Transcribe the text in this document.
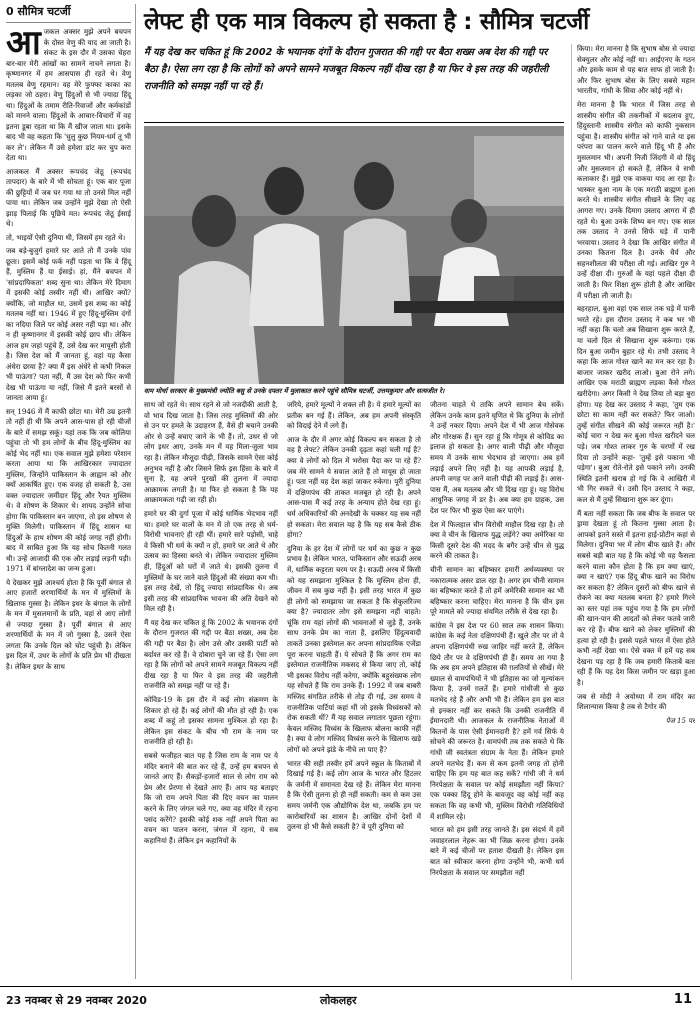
0 सौमित्र चटर्जी
आ जकल अक्सर मुझे अपने बचपन के दोस्त वेणु की याद आ जाती है। संकट के इस दौर में उसका चेहरा बार-बार मेरी आंखों का सामने नाचने लगता है। कृष्णानगर में हम आसपास ही रहते थे। वेणु मतलब वेणु रहमान। वह मेरे फुफ्फा काका का लड़का जो ठहरा। वेणु हिंदुओं से भी ज्यादा हिंदू था। हिंदुओं के तमाम रीति-रिवाजों और कर्मकांडों को मानने वाला। हिंदुओं के आचार-विचारों में वह इतना डूबा रहता था कि मैं खीज जाता था। इसके बाद भी वह कहता कि 'धुलु कुछ नियम-धर्म तू भी कर ले'। लेकिन मैं उसे हमेशा डांट कर चुप करा देता था।

आजकल मैं अक्सर रूपचंद जेठू (रूपचंद तापदार) के बारे में भी सोचता हूं। एक बार पूजा की छुट्टियों में जब घर गया था तो उनसे मिल नहीं पाया था। लेकिन जब उन्होंने मुझे देखा तो ऐसी झाड़ पिलाई कि पूछिये मत। रूपचंद जेठू ईसाई थे।

तो, भाइयों ऐसी दुनिया थी, जिसमें हम रहते थे।

जब बड़े-बुजुर्ग हमारे घर आते तो मैं उनके पांव छूता। इसमें कोई फर्क नहीं पड़ता था कि वे हिंदू हैं, मुस्लिम हैं या ईसाई। हां, मैंने बचपन में 'सांप्रदायिकता' शब्द सुना था। लेकिन मेरे दिमाग में इसकी कोई तस्वीर नहीं थी। आखिर क्यों? क्योंकि, जो माहौल था, उसमें इस शब्द का कोई मतलब नहीं था। 1946 में हुए हिंदू-मुस्लिम दंगों का नदिया जिले पर कोई असर नहीं पड़ा था। और न ही कृष्णानगर में इसकी कोई छाप थी। लेकिन आज हम जहां पहुंचे हैं, उसे देख कर मायूसी होती है। जिस देश को मैं जानता हूं, वहां यह कैसा अंधेरा छाया है? क्या मैं इस अंधेरे से कभी निकल भी पाऊंगा? पता नहीं, मैं उस देश को फिर कभी देख भी पाऊंगा या नहीं, जिसे मैं इतने बरसों से जानता आया हूं।

सन् 1946 में मैं काफी छोटा था। मेरी उम्र इतनी तो नहीं ही थी कि अपने आस-पास हो रही चीजों के बारे में समझ सकूं। यहां तक कि जब कोलिया पहुंचा तो भी हम लोगों के बीच हिंदू-मुस्लिम का कोई भेद नहीं था। एक सवाल मुझे हमेशा परेशान करता आया था कि आखिरकार ज्यादातर मुस्लिम, जिन्होंने पाकिस्तान के आह्वान को और क्यों आकर्षित हुए। एक वजह हो सकती है, उस वक्त ज्यादातर जमींदार हिंदू और रैयत मुस्लिम थे। वे शोषण के शिकार थे। शायद उन्होंने सोचा होगा कि पाकिस्तान बन जाएगा, तो इस शोषण से मुक्ति मिलेगी। पाकिस्तान में हिंदू शासन था हिंदुओं के हाथ शोषण की कोई जगह नहीं होगी। बाद में साबित हुआ कि यह सोच कितनी गलत थी। उन्हें आजादी की एक और लड़ाई लड़नी पड़ी। 1971 में बांग्लादेश का जन्म हुआ।

ये देखकर मुझे आश्चर्य होता है कि पूर्वी बंगाल से आए हजारों शरणार्थियों के मन में मुस्लिमों के खिलाफ गुस्सा है। लेकिन इधर के बंगाल के लोगों के मन में मुसलमानों के प्रति, वहां से आए लोगों से ज्यादा गुस्सा है। पूर्वी बंगाल से आए शरणार्थियों के मन में जो गुस्सा है, उसने ऐसा लगता कि उनके दिल को चोट पहुंची है। लेकिन इस दिल में, उधर के लोगों के प्रति प्रेम भी दीखता है। लेकिन इधर के साथ

लेफ्ट ही एक मात्र विकल्प हो सकता है : सौमित्र चटर्जी
मैं यह देख कर चकित हूं कि 2002 के भयानक दंगों के दौरान गुजरात की गद्दी पर बैठा शख्स अब देश की गद्दी पर बैठा है। ऐसा लग रहा है कि लोगों को अपने सामने मजबूत विकल्प नहीं दीख रहा है या फिर वे इस तरह की जहरीली राजनीति को समझ नहीं पा रहे हैं।
वाम मोर्चा सरकार के मुख्यमंत्री ज्योति बसु से उनके दफ्तर में मुलाकात करने पहुंचे सौमित्र चटर्जी, उत्तमकुमार और सत्यजीत रे।

साथ जो रहते थे। साथ रहने से जो नजदीकी आती है, वो भाव दिख जाता है। जिस तरह मुस्लिमों की ओर से उन पर हमले के उदाहरण हैं, वैसे ही बचाने उनकी ओर से उन्हें बचाए जाने के भी हैं। तो, उधर से जो लोग इधर आए, उनके मन में यह मिला-जुला भाव रहा है। लेकिन मौजूदा पीढ़ी, जिसके सामने ऐसा कोई अनुभव नहीं है और जिसने सिर्फ इस हिंसा के बारे में सुना है, वह अपने पुरखों की तुलना में ज्यादा आक्रामक लगती है। या फिर हो सकता है कि यह आक्रामकता गढ़ी जा रही हो।

हमारे घर की दुर्गा पूजा में कोई धार्मिक भेदभाव नहीं था। हमारे घर वालों के मन में तो एक तरह से धर्म-विरोधी भावनाएं ही रही थीं। हमारे सारे पड़ोसी, चाहे वे किसी भी धर्म के क्यों न हों, हमारे घर आते थे और उत्सव का हिस्सा बनते थे। लेकिन ज्यादातर मुस्लिम ही, हिंदुओं को घरों में जाते थे। इसकी तुलना में मुस्लिमों के घर जाने वाले हिंदुओं की संख्या कम थी। इस तरह देखें, तो हिंदू ज्यादा सांप्रदायिक थे। अब इसी तरह की सांप्रदायिक भावना की अति देखने को मिल रही है।

मैं यह देख कर चकित हूं कि 2002 के भयानक दंगों के दौरान गुजरात की गद्दी पर बैठा शख्स, अब देश की गद्दी पर बैठा है। लोग उसे और उसकी पार्टी को बर्दाश्त कर रहे हैं। वे दोबारा चुने जा रहे हैं। ऐसा लग रहा है कि लोगों को अपने सामने मजबूत विकल्प नहीं दीख रहा है या फिर वे इस तरह की जहरीली राजनीति को समझ नहीं पा रहे हैं।

कोविड-19 के इस दौर में कई लोग संक्रमण के शिकार हो रहे हैं। कई लोगों की मौत हो रही है। एक शब्द में कहूं तो इसका सामना मुश्किल हो रहा है। लेकिन इस संकट के बीच भी राम के नाम पर राजनीति हो रही है।

सबसे फजीहत बात यह है जिस राम के नाम पर ये मंदिर बनाने की बात कर रहे हैं, उन्हें हम बचपन से जानते आए हैं। सैकड़ों-हजारों साल से लोग राम को प्रेम और प्रेरणा से देखते आए हैं। आप यह बताइए कि जो राम अपने पिता की दिए वचन का पालन करने के लिए जंगल चले गए, क्या वह मंदिर में रहना पसंद करेंगे? इसकी कोई शक नहीं अपने पिता का वचन का पालन करना, जंगल में रहना, ये सब कहानियां हैं। लेकिन इन कहानियों के

जरिये, हमारे मूल्यों ने शक्ल ली है। ये हमारे मूल्यों का प्रतीक बन गई हैं। लेकिन, अब हम अपनी संस्कृति को विदाई देने में लगे हैं।

आज के दौर में अगर कोई विकल्प बन सकता है तो वह है लेफ्ट? लेकिन उनकी दृढ़ता कहां चली गई है? क्या वे लोगों को दिल में भरोसा पैदा कर पा रहे हैं? जब मेरे सामने ये सवाल आते हैं तो मायूस हो जाता हूं। पता नहीं यह देश कहां जाकर रुकेगा। पूरी दुनिया में दक्षिणपंथ की ताकत मजबूत हो रही है। अपने आस-पास मैं कई तरह के अन्याय होते देख रहा हूं। धर्म अधिकारियों की अनदेखी के चक्कर यह सब नहीं हो सकता। मेरा सवाल यह है कि यह सब कैसे ठीक होगा?

दुनिया के हर देश में लोगों पर धर्म का कुछ न कुछ प्रभाव है। लेकिन भारत, पाकिस्तान और सऊदी अरब में, धार्मिक कट्टरता चरम पर है। सऊदी अरब में किसी को यह समझाना मुश्किल है कि मुस्लिम होना ही, जीवन में सब कुछ नहीं है। इसी तरह भारत में कुछ ही लोगों को समझाया जा सकता है कि सेकुलरिज्म क्या है? ज्यादातर लोग इसे समझना नहीं चाहते। चूंकि राम यहां लोगों की भावनाओं से जुड़े हैं, उनके साथ उनके प्रेम का नाता है, इसलिए हिंदुत्ववादी ताकतें उनका इस्तेमाल कर अपना सांप्रदायिक एजेंडा पूरा करना चाहती हैं। ये सोचते हैं कि अगर राम का इस्तेमाल राजनीतिक मकसद से किया जाए तो, कोई भी इसका विरोध नहीं करेगा, क्योंकि बहुसंख्यक लोग यह सोचते हैं कि राम उनके हैं। 1992 में जब बाबरी मस्जिद संगठित तरीके से तोड़ दी गई, उस समय वे राजनीतिक पार्टियां कहां थीं जो इसके विध्वंसकों को रोक सकती थीं? मैं यह सवाल लगातार पूछता रहूंगा। केवल मस्जिद विध्वंस के खिलाफ बोलना काफी नहीं है। क्या वे लोग मस्जिद विध्वंस करने के खिलाफ खड़े लोगों को अपने झंडे के नीचे ला पाए हैं?

भारत की सही तस्वीर हमें अपने स्कूल के किताबों में दिखाई गई है। कई लोग आज के भारत और हिटलर के जर्मनी में समानता देख रहे हैं। लेकिन मेरा मानना है कि ऐसी तुलना हो ही नहीं सकती। कम से कम उस समय जर्मनी एक औद्योगिक देश था, जबकि हम पर कारोबारियों का शासन है। आखिर दोनों देशों में तुलना हो भी कैसे सकती है? वे पूरी दुनिया को

जीतना चाहते थे ताकि अपने सामान बेच सकें। लेकिन उनके काम इतने घृणित थे कि दुनिया के लोगों ने उन्हें नकार दिया। अपने देश में भी आज गोसेवक और गोरक्षक हैं। सुन रहा हूं कि गोमूत्र से कोविड का इलाज हो सकता है। अगर वाली पीढ़ी और मौजूदा समय में उनके साथ भेदभाव हो जाएगा। अब हमें लड़ाई अपने लिए नहीं है। यह आपकी लड़ाई है, अपनी जगह पर आने वाली पीढ़ी की लड़ाई है। आस-पास मैं, अब मतलब और भी दिख रहा हूं। यह विरोध आधुनिक जगह में डर है। अब क्या हम ग्राहक, उस देश पर फिर भी कुछ ऐसा कर पाएंगे।

देश में फिलहाल चीन विरोधी माहौल दिख रहा है। तो क्या वे चीन के खिलाफ युद्ध लड़ेंगे? क्या अमेरिका या किसी दूसरे देश की मदद के बगैर उन्हें चीन से युद्ध करने की ताकत है।

चीनी सामान का बहिष्कार हमारी अर्थव्यवस्था पर नकारात्मक असर डाल रहा है। अगर हम चीनी सामान का बहिष्कार करते हैं तो हमें अमेरिकी सामान का भी बहिष्कार करना चाहिए। मेरा मानना है कि चीन इस पूरे मामले को ज्यादा संयमित तरीके से देख रहा है।

कांग्रेस ने इस देश पर 60 साल तक शासन किया। कांग्रेस के कई नेता दक्षिणपंथी हैं। खुले तौर पर तो वे अपना दक्षिणपंथी रुख जाहिर नहीं करते हैं, लेकिन छिपे तौर पर वे दक्षिणपंथी ही हैं। समय आ गया है कि अब हम अपने इतिहास की ग़लतियों से सीखें। मेरे ख्याल से वामपंथियों ने भी इतिहास का जो मूल्यांकन किया है, उनमें ग़लतें हैं। हमारे गांधीजी से कुछ मतभेद रहे हैं और अभी भी हैं। लेकिन हम इस बात से इनकार नहीं कर सकते कि उनकी राजनीति में ईमानदारी थी। आजकल के राजनीतिक नेताओं में कितनों के पास ऐसी ईमानदारी है? हमें गर्व सिर्फ ये सोचने की जरूरत है। वामपंथी तब तक सकते थे कि गांधी जी स्वतंत्रता संग्राम के नेता हैं। लेकिन हमारे अपने मतभेद हैं। कम से कम इतनी जगह तो होनी चाहिए कि हम यह बात कह सकें? गांधी जी ने धर्म निरपेक्षता के सवाल पर कोई समझौता नहीं किया? एक पक्का हिंदू होने के बावजूद वह कोई नहीं कह सकता कि वह कभी भी, मुस्लिम विरोधी गतिविधियों में शामिल रहे।

भारत को हम इसी तरह जानते हैं। इस संदर्भ में हमें जवाहरलाल नेहरू का भी जिक्र करना होगा। उनके बारे में कई चीजों पर हताश दीखती है। लेकिन इस बात को स्वीकार करना होगा उन्होंने भी, कभी धर्म निरपेक्षता के सवाल पर समझौता नहीं

किया। मेरा मानना है कि सुभाष बोस से ज्यादा सेक्युलर और कोई नहीं था। आईएनए के गठन और इसके काम से यह बात साफ हो जाती है। और फिर सुभाष बोस के लिए सबसे महान भारतीय, गांधी के सिवा और कोई नहीं थे।

मेरा मानना है कि भारत में जिस तरह से शास्त्रीय संगीत की तकनीकों में बदलाव हुए, हिंदुस्तानी शास्त्रीय संगीत को काफी नुकसान पहुंचा है। शास्त्रीय संगीत को गाने वाले या इस परंपरा का पालन करने वाले हिंदू भी हैं और मुसलमान भी। अपनी निजी जिंदगी में वो हिंदू और मुसलमान हो सकते हैं, लेकिन वे सभी कलाकार हैं। मुझे एक वाकया याद आ रहा है। भास्कर बुआ नाम के एक मराठी ब्राह्मण हुआ करते थे। शास्त्रीय संगीत सीखने के लिए वह आगरा गए। उनके दिमाग उस्ताद आगरा में ही रहते थे। बुआ उनके शिष्य बन गए। एक साल तक उस्ताद ने उनसे सिर्फ घड़े में पानी भरवाया। उस्ताद ने देखा कि आखिर संगीत में उनका कितना दिल है। उनके धैर्य और सहनशीलता की परीक्षा ली गई। आखिर गुरु ने उन्हें दीक्षा दी। गुरुओं के यहां पहले दीक्षा दी जाती है। फिर शिक्षा शुरू होती है और आखिर में परीक्षा ली जाती है।

बहरहाल, बुआ वहां एक साल तक घड़े में पानी भरते रहे। इस दौरान उस्ताद ने कब भर भी नहीं कहा कि चलो अब सिखाना शुरू करते हैं, या चलो दिल से सिखाना शुरू करूंगा। एक दिन बुआ जमीन बुहार रहे थे। तभी उस्ताद ने कहा कि आज गोश्त खाने का मन कर रहा है। बाजार जाकर खरीद लाओ। बुआ रोने लगे। आखिर एक मराठी ब्राह्मण लड़का कैसे गोश्त खरीदेगा। अगर किसी ने देख लिया तो बड़ा बुरा होगा। यह देख कर उस्ताद ने कहा, 'तुम एक छोटा सा काम नहीं कर सकते? फिर जाओ। तुम्हें संगीत सीखने की कोई जरूरत नहीं है।' कोई चारा न देख कर बुआ गोश्त खरीदने चल पड़े। जब गोश्त लाकर गुरु के चरणों में रख दिया तो उन्होंने कहा- 'तुम्हें इसे पकाना भी पड़ेगा'। बुआ रोते-रोते इसे पकाने लगे। उनकी स्थिति इतनी खराब हो गई कि वे आखिरी में भी गिर सकते थे। उसी दिन उस्ताद ने कहा, कल से मैं तुम्हें सिखाना शुरू कर दूंगा।

मैं बता नहीं सकता कि जब बीफ के सवाल पर ड्रामा देखता हूं तो कितना गुस्सा आता है। आपको इतने सस्ते में इतना हाई-प्रोटीन कहां से मिलेगा। दुनिया भर में लोग बीफ खाते हैं। और सबसे बड़ी बात यह है कि कोई भी यह फैसला करने वाला कौन होता है कि हम क्या खाएं, क्या न खाएं? एक हिंदू बीफ खाने का विरोध कर सकता है? लेकिन दूसरों को बीफ खाने से रोकने का क्या मतलब बनता है? हमारे गिरने का स्तर यहां तक पहुंच गया है कि हम लोगों की खान-पान की आदतों को लेकर फतवे जारी कर रहे हैं। बीफ खाने को लेकर मुस्लिमों की हत्या हो रही है। इससे पहले भारत में ऐसा होते कभी नहीं देखा था। ऐसे वक्त में हमें यह सब देखना पड़ रहा है कि जब हमारी किताबें बता रही हैं कि यह देश किस जमीन पर खड़ा हुआ है।

जब से मोदी ने अयोध्या में राम मंदिर का शिलान्यास किया है तब से टैगोर की

पेज 15 पर
23 नवम्बर से 29 नवम्बर 2020	लोकलहर	11
